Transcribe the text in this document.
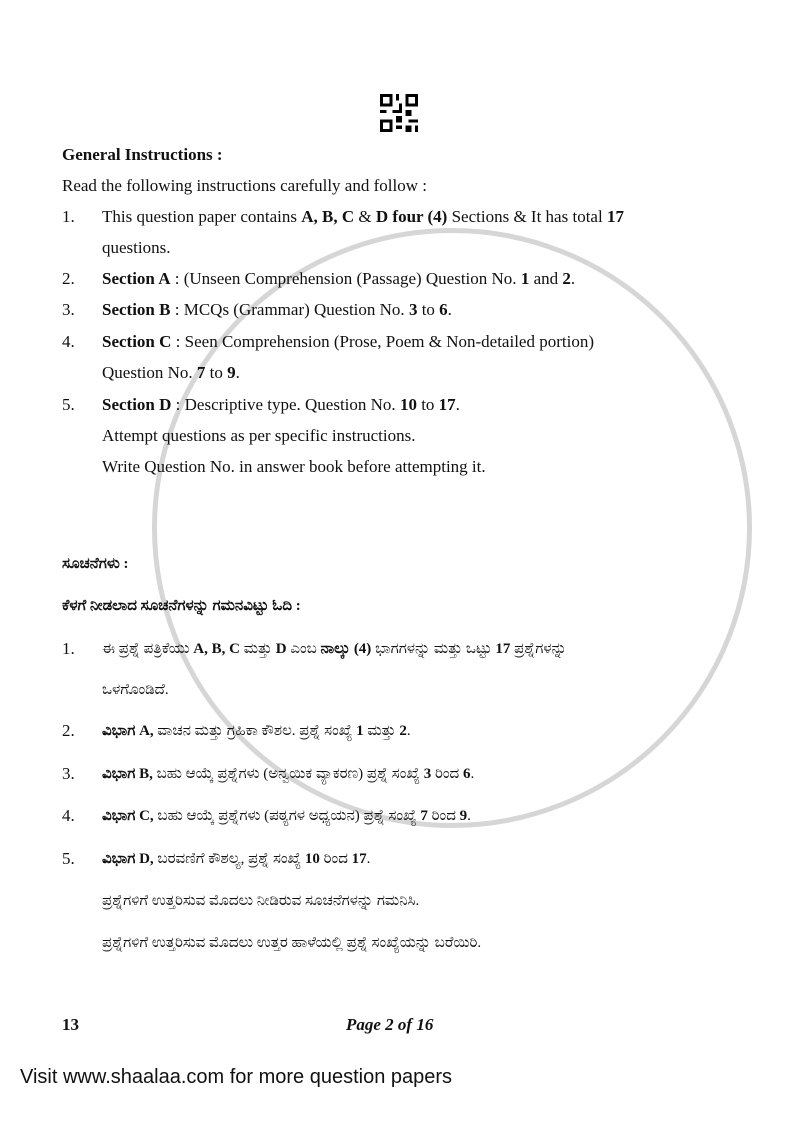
General Instructions :
Read the following instructions carefully and follow :
1. This question paper contains A, B, C & D four (4) Sections & It has total 17
questions.
2. Section A : (Unseen Comprehension (Passage) Question No. 1 and 2.
3. Section B : MCQs (Grammar) Question No. 3 to 6.
4. Section C : Seen Comprehension (Prose, Poem & Non-detailed portion)
Question No. 7 to 9.
5. Section D : Descriptive type. Question No. 10 to 17.
Attempt questions as per specific instructions.
Write Question No. in answer book before attempting it.
ಸೂಚನೆಗಳು :
ಕೆಳಗೆ ನೀಡಲಾದ ಸೂಚನೆಗಳನ್ನು ಗಮನವಿಟ್ಟು ಓದಿ :
1. ಈ ಪ್ರಶ್ನೆ ಪತ್ರಿಕೆಯು A, B, C ಮತ್ತು D ಎಂಬ ನಾಲ್ಕು (4) ಭಾಗಗಳನ್ನು ಮತ್ತು ಒಟ್ಟು 17 ಪ್ರಶ್ನೆಗಳನ್ನು
ಒಳಗೊಂಡಿದೆ.
2. ವಿಭಾಗ A, ವಾಚನ ಮತ್ತು ಗ್ರಹಿಕಾ ಕೌಶಲ. ಪ್ರಶ್ನೆ ಸಂಖ್ಯೆ 1 ಮತ್ತು 2.
3. ವಿಭಾಗ B, ಬಹು ಆಯ್ಕೆ ಪ್ರಶ್ನೆಗಳು (ಅನ್ವಯಿಕ ವ್ಯಾಕರಣ) ಪ್ರಶ್ನೆ ಸಂಖ್ಯೆ 3 ರಿಂದ 6.
4. ವಿಭಾಗ C, ಬಹು ಆಯ್ಕೆ ಪ್ರಶ್ನೆಗಳು (ಪಠ್ಯಗಳ ಅಧ್ಯಯನ) ಪ್ರಶ್ನೆ ಸಂಖ್ಯೆ 7 ರಿಂದ 9.
5. ವಿಭಾಗ D, ಬರವಣಿಗೆ ಕೌಶಲ್ಯ, ಪ್ರಶ್ನೆ ಸಂಖ್ಯೆ 10 ರಿಂದ 17.
ಪ್ರಶ್ನೆಗಳಿಗೆ ಉತ್ತರಿಸುವ ಮೊದಲು ನೀಡಿರುವ ಸೂಚನೆಗಳನ್ನು ಗಮನಿಸಿ.
ಪ್ರಶ್ನೆಗಳಿಗೆ ಉತ್ತರಿಸುವ ಮೊದಲು ಉತ್ತರ ಹಾಳೆಯಲ್ಲಿ ಪ್ರಶ್ನೆ ಸಂಖ್ಯೆಯನ್ನು ಬರೆಯಿರಿ.
13	Page 2 of 16
Visit www.shaalaa.com for more question papers
